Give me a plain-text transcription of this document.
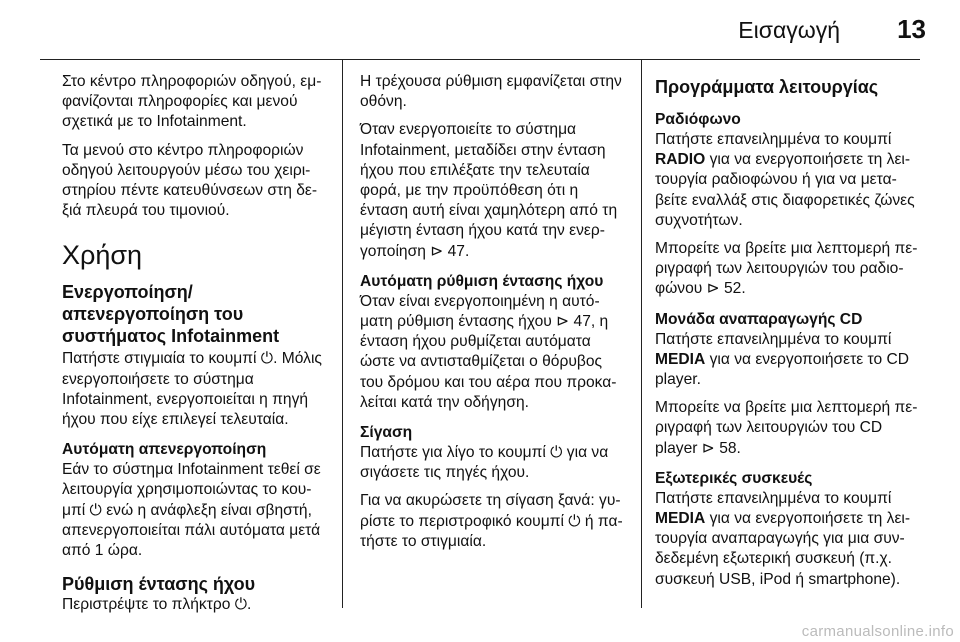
Εισαγωγή	13

Στο κέντρο πληροφοριών οδηγού, εμ-
φανίζονται πληροφορίες και μενού
σχετικά με το Infotainment.

Τα μενού στο κέντρο πληροφοριών
οδηγού λειτουργούν μέσω του χειρι-
στηρίου πέντε κατευθύνσεων στη δε-
ξιά πλευρά του τιμονιού.

Χρήση
Ενεργοποίηση/
απενεργοποίηση του
συστήματος Infotainment

Πατήστε στιγμιαία το κουμπί ⏻. Μόλις
ενεργοποιήσετε το σύστημα
Infotainment, ενεργοποιείται η πηγή
ήχου που είχε επιλεγεί τελευταία.

Αυτόματη απενεργοποίηση

Εάν το σύστημα Infotainment τεθεί σε
λειτουργία χρησιμοποιώντας το κου-
μπί ⏻ ενώ η ανάφλεξη είναι σβηστή,
απενεργοποιείται πάλι αυτόματα μετά
από 1 ώρα.

Ρύθμιση έντασης ήχου

Περιστρέψτε το πλήκτρο ⏻.

Η τρέχουσα ρύθμιση εμφανίζεται στην
οθόνη.

Όταν ενεργοποιείτε το σύστημα
Infotainment, μεταδίδει στην ένταση
ήχου που επιλέξατε την τελευταία
φορά, με την προϋπόθεση ότι η
ένταση αυτή είναι χαμηλότερη από τη
μέγιστη ένταση ήχου κατά την ενερ-
γοποίηση ⊳ 47.

Αυτόματη ρύθμιση έντασης ήχου

Όταν είναι ενεργοποιημένη η αυτό-
ματη ρύθμιση έντασης ήχου ⊳ 47, η
ένταση ήχου ρυθμίζεται αυτόματα
ώστε να αντισταθμίζεται ο θόρυβος
του δρόμου και του αέρα που προκα-
λείται κατά την οδήγηση.

Σίγαση

Πατήστε για λίγο το κουμπί ⏻ για να
σιγάσετε τις πηγές ήχου.

Για να ακυρώσετε τη σίγαση ξανά: γυ-
ρίστε το περιστροφικό κουμπί ⏻ ή πα-
τήστε το στιγμιαία.

Προγράμματα λειτουργίας
Ραδιόφωνο

Πατήστε επανειλημμένα το κουμπί
RADIO για να ενεργοποιήσετε τη λει-
τουργία ραδιοφώνου ή για να μετα-
βείτε εναλλάξ στις διαφορετικές ζώνες
συχνοτήτων.

Μπορείτε να βρείτε μια λεπτομερή πε-
ριγραφή των λειτουργιών του ραδιο-
φώνου ⊳ 52.

Μονάδα αναπαραγωγής CD

Πατήστε επανειλημμένα το κουμπί
MEDIA για να ενεργοποιήσετε το CD
player.

Μπορείτε να βρείτε μια λεπτομερή πε-
ριγραφή των λειτουργιών του CD
player ⊳ 58.

Εξωτερικές συσκευές

Πατήστε επανειλημμένα το κουμπί
MEDIA για να ενεργοποιήσετε τη λει-
τουργία αναπαραγωγής για μια συν-
δεδεμένη εξωτερική συσκευή (π.χ.
συσκευή USB, iPod ή smartphone).

carmanualsonline.info
